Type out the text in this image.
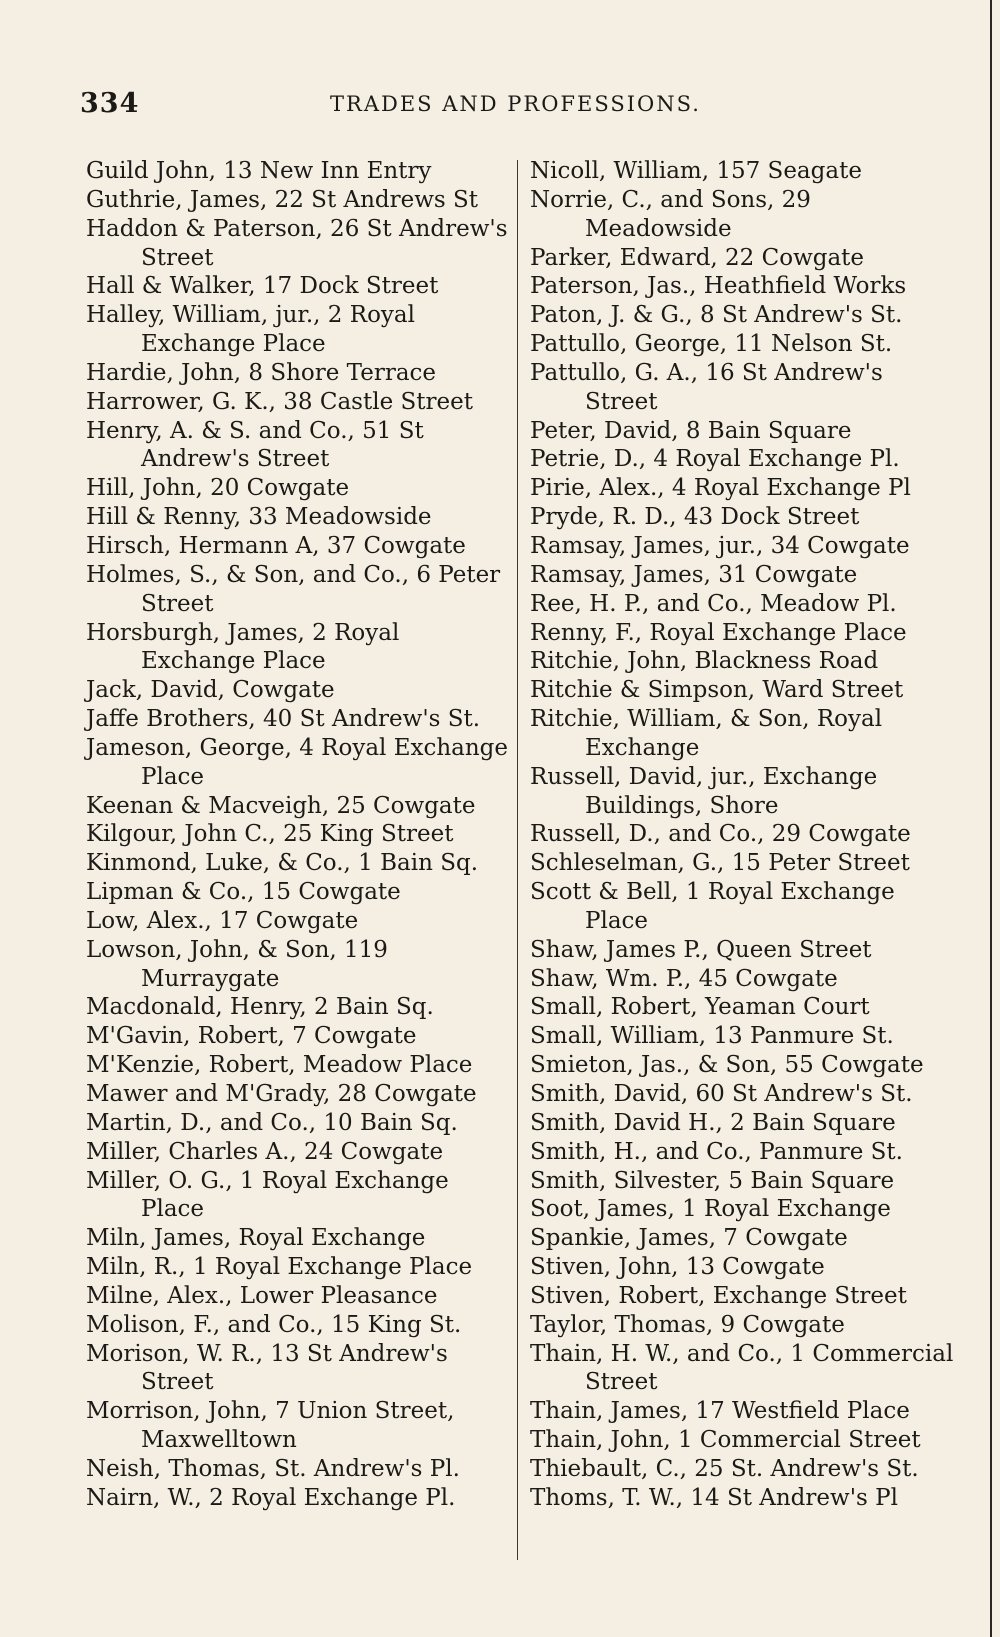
334	TRADES AND PROFESSIONS.
Guild John, 13 New Inn Entry
Guthrie, James, 22 St Andrews St
Haddon & Paterson, 26 St Andrew's Street
Hall & Walker, 17 Dock Street
Halley, William, jur., 2 Royal Exchange Place
Hardie, John, 8 Shore Terrace
Harrower, G. K., 38 Castle Street
Henry, A. & S. and Co., 51 St Andrew's Street
Hill, John, 20 Cowgate
Hill & Renny, 33 Meadowside
Hirsch, Hermann A, 37 Cowgate
Holmes, S., & Son, and Co., 6 Peter Street
Horsburgh, James, 2 Royal Exchange Place
Jack, David, Cowgate
Jaffe Brothers, 40 St Andrew's St.
Jameson, George, 4 Royal Exchange Place
Keenan & Macveigh, 25 Cowgate
Kilgour, John C., 25 King Street
Kinmond, Luke, & Co., 1 Bain Sq.
Lipman & Co., 15 Cowgate
Low, Alex., 17 Cowgate
Lowson, John, & Son, 119 Murraygate
Macdonald, Henry, 2 Bain Sq.
M'Gavin, Robert, 7 Cowgate
M'Kenzie, Robert, Meadow Place
Mawer and M'Grady, 28 Cowgate
Martin, D., and Co., 10 Bain Sq.
Miller, Charles A., 24 Cowgate
Miller, O. G., 1 Royal Exchange Place
Miln, James, Royal Exchange
Miln, R., 1 Royal Exchange Place
Milne, Alex., Lower Pleasance
Molison, F., and Co., 15 King St.
Morison, W. R., 13 St Andrew's Street
Morrison, John, 7 Union Street, Maxwelltown
Neish, Thomas, St. Andrew's Pl.
Nairn, W., 2 Royal Exchange Pl.
Nicoll, William, 157 Seagate
Norrie, C., and Sons, 29 Meadowside
Parker, Edward, 22 Cowgate
Paterson, Jas., Heathfield Works
Paton, J. & G., 8 St Andrew's St.
Pattullo, George, 11 Nelson St.
Pattullo, G. A., 16 St Andrew's Street
Peter, David, 8 Bain Square
Petrie, D., 4 Royal Exchange Pl.
Pirie, Alex., 4 Royal Exchange Pl
Pryde, R. D., 43 Dock Street
Ramsay, James, jur., 34 Cowgate
Ramsay, James, 31 Cowgate
Ree, H. P., and Co., Meadow Pl.
Renny, F., Royal Exchange Place
Ritchie, John, Blackness Road
Ritchie & Simpson, Ward Street
Ritchie, William, & Son, Royal Exchange
Russell, David, jur., Exchange Buildings, Shore
Russell, D., and Co., 29 Cowgate
Schleselman, G., 15 Peter Street
Scott & Bell, 1 Royal Exchange Place
Shaw, James P., Queen Street
Shaw, Wm. P., 45 Cowgate
Small, Robert, Yeaman Court
Small, William, 13 Panmure St.
Smieton, Jas., & Son, 55 Cowgate
Smith, David, 60 St Andrew's St.
Smith, David H., 2 Bain Square
Smith, H., and Co., Panmure St.
Smith, Silvester, 5 Bain Square
Soot, James, 1 Royal Exchange
Spankie, James, 7 Cowgate
Stiven, John, 13 Cowgate
Stiven, Robert, Exchange Street
Taylor, Thomas, 9 Cowgate
Thain, H. W., and Co., 1 Commercial Street
Thain, James, 17 Westfield Place
Thain, John, 1 Commercial Street
Thiebault, C., 25 St. Andrew's St.
Thoms, T. W., 14 St Andrew's Pl
